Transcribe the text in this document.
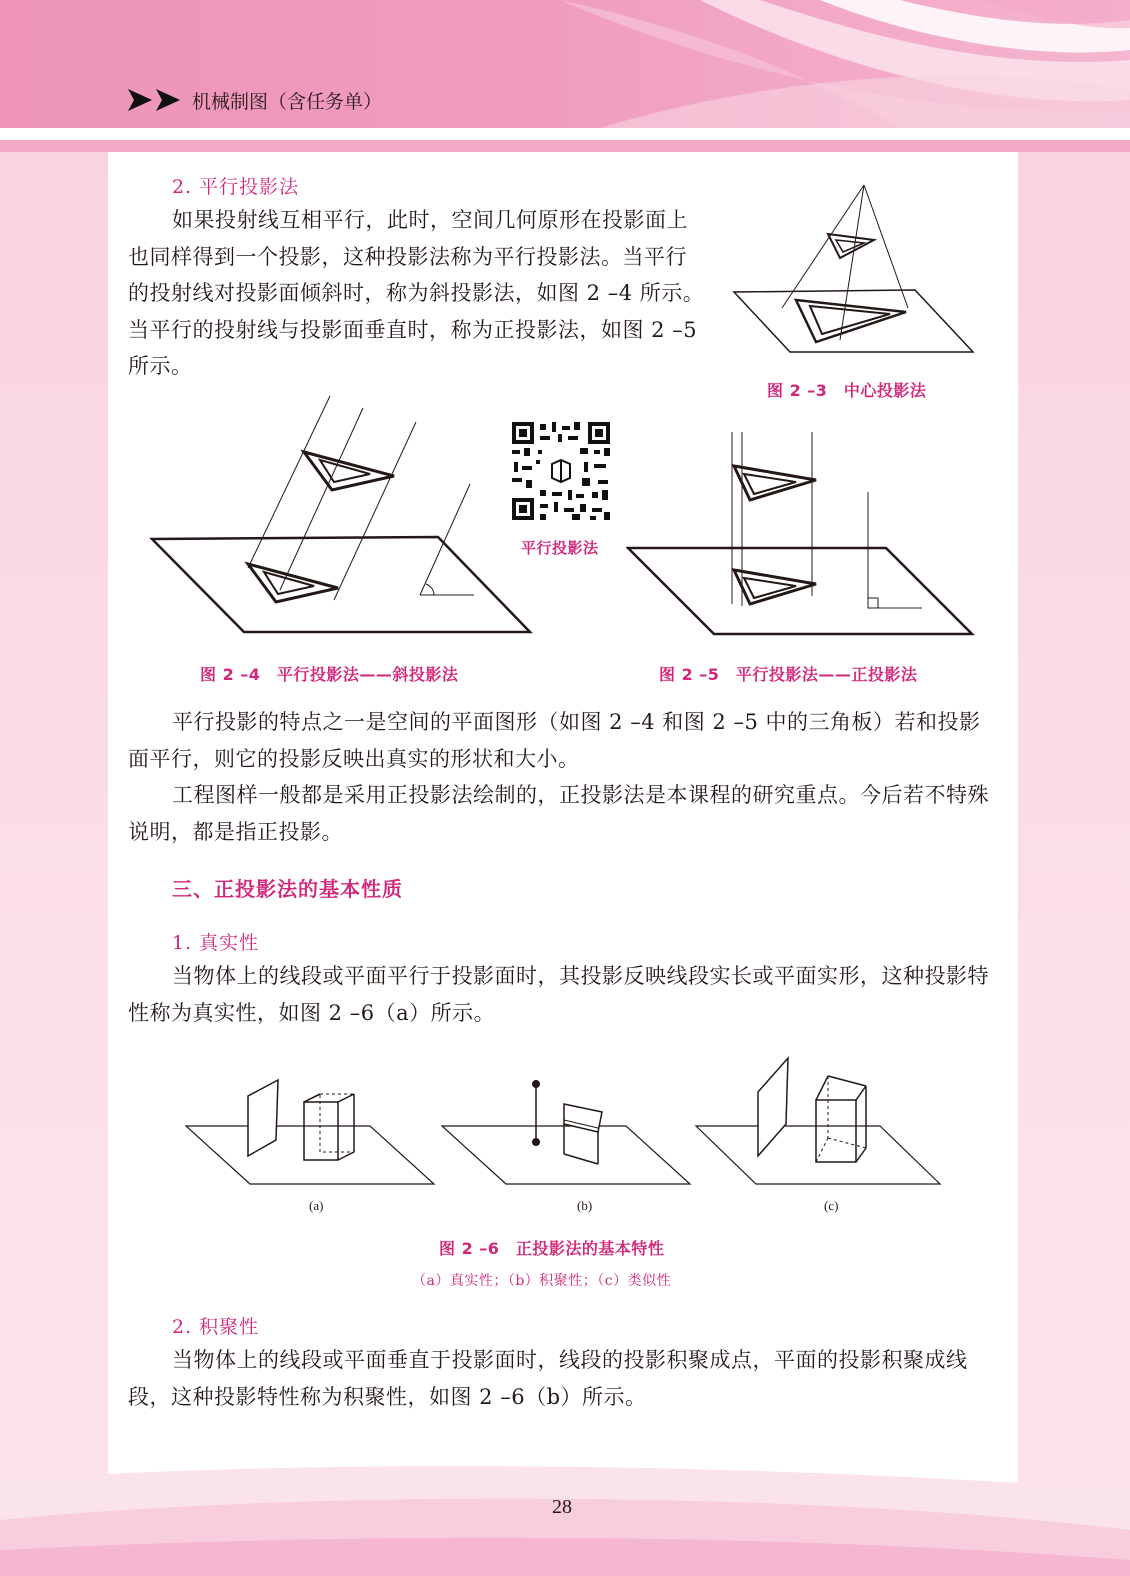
机械制图（含任务单）
2. 平行投影法
如果投射线互相平行，此时，空间几何原形在投影面上
也同样得到一个投影，这种投影法称为平行投影法。当平行
的投射线对投影面倾斜时，称为斜投影法，如图 2 –4 所示。
当平行的投射线与投影面垂直时，称为正投影法，如图 2 –5
所示。
图 2 –3　中心投影法
图 2 –4　平行投影法——斜投影法
平行投影法
图 2 –5　平行投影法——正投影法
平行投影的特点之一是空间的平面图形（如图 2 –4 和图 2 –5 中的三角板）若和投影
面平行，则它的投影反映出真实的形状和大小。
工程图样一般都是采用正投影法绘制的，正投影法是本课程的研究重点。今后若不特殊
说明，都是指正投影。
三、正投影法的基本性质
1. 真实性
当物体上的线段或平面平行于投影面时，其投影反映线段实长或平面实形，这种投影特
性称为真实性，如图 2 –6（a）所示。
(a)	(b)	(c)
图 2 –6　正投影法的基本特性
（a）真实性；（b）积聚性；（c）类似性
2. 积聚性
当物体上的线段或平面垂直于投影面时，线段的投影积聚成点，平面的投影积聚成线
段，这种投影特性称为积聚性，如图 2 –6（b）所示。
28
